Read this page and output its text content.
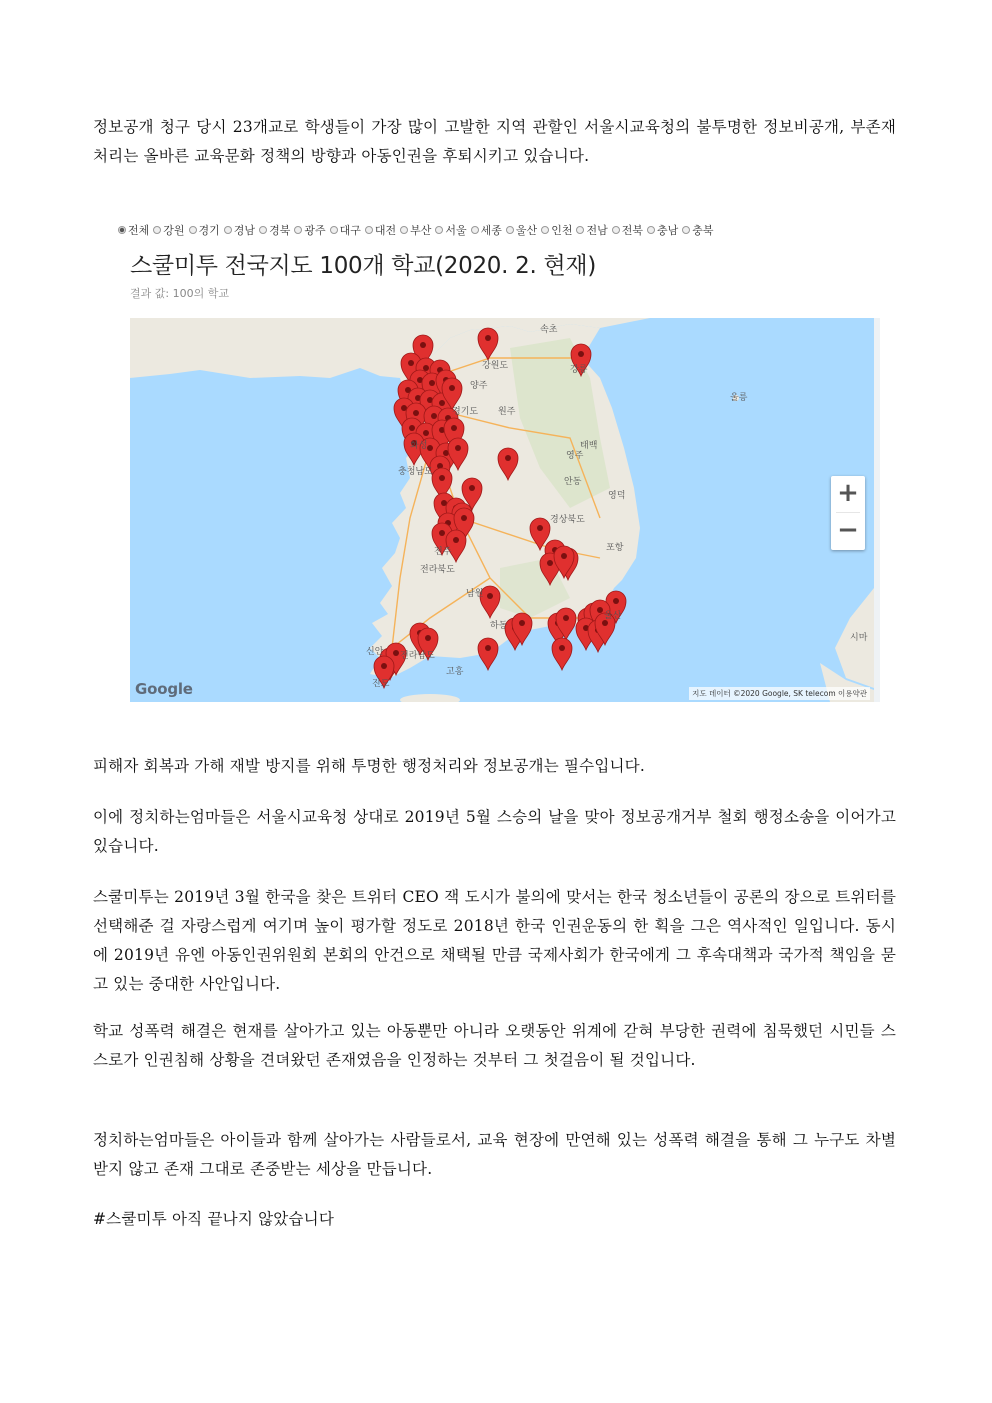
정보공개 청구 당시 23개교로 학생들이 가장 많이 고발한 지역 관할인 서울시교육청의 불투명한 정보비공개, 부존재 처리는 올바른 교육문화 정책의 방향과 아동인권을 후퇴시키고 있습니다.
전체 강원 경기 경남 경북 광주 대구 대전 부산 서울 세종 울산 인천 전남 전북 충남 충북
스쿨미투 전국지도 100개 학교(2020. 2. 현재)
결과 값: 100의 학교
속초
강원도	강릉
울릉
양주
경기도 원주
화성	태백
충청남도
영주
안동
영덕
경상북도
포항
전주
전라북도
남원
하동
신안 전라남도
고흥
진도
울산
시마
+
−
Google	지도 데이터 ©2020 Google, SK telecom 이용약관
피해자 회복과 가해 재발 방지를 위해 투명한 행정처리와 정보공개는 필수입니다.
이에 정치하는엄마들은 서울시교육청 상대로 2019년 5월 스승의 날을 맞아 정보공개거부 철회 행정소송을 이어가고 있습니다.
스쿨미투는 2019년 3월 한국을 찾은 트위터 CEO 잭 도시가 불의에 맞서는 한국 청소년들이 공론의 장으로 트위터를 선택해준 걸 자랑스럽게 여기며 높이 평가할 정도로 2018년 한국 인권운동의 한 획을 그은 역사적인 일입니다. 동시에 2019년 유엔 아동인권위원회 본회의 안건으로 채택될 만큼 국제사회가 한국에게 그 후속대책과 국가적 책임을 묻고 있는 중대한 사안입니다.
학교 성폭력 해결은 현재를 살아가고 있는 아동뿐만 아니라 오랫동안 위계에 갇혀 부당한 권력에 침묵했던 시민들 스스로가 인권침해 상황을 견뎌왔던 존재였음을 인정하는 것부터 그 첫걸음이 될 것입니다.
정치하는엄마들은 아이들과 함께 살아가는 사람들로서, 교육 현장에 만연해 있는 성폭력 해결을 통해 그 누구도 차별 받지 않고 존재 그대로 존중받는 세상을 만듭니다.
#스쿨미투 아직 끝나지 않았습니다
